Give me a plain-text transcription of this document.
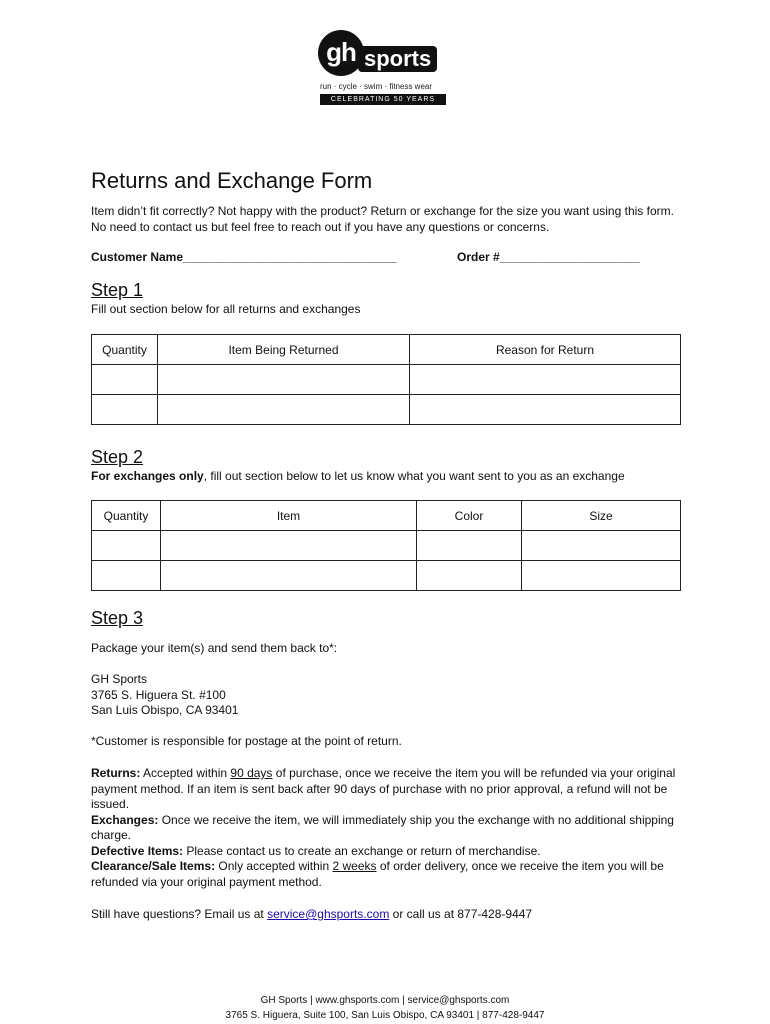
gh sports
run · cycle · swim · fitness wear
CELEBRATING 50 YEARS
Returns and Exchange Form
Item didn’t fit correctly? Not happy with the product? Return or exchange for the size you want using this form. No need to contact us but feel free to reach out if you have any questions or concerns.
Customer Name________________________________	Order #_____________________
Step 1
Fill out section below for all returns and exchanges
Quantity	Item Being Returned	Reason for Return

Step 2
For exchanges only, fill out section below to let us know what you want sent to you as an exchange
Quantity	Item	Color	Size

Step 3
Package your item(s) and send them back to*:
GH Sports
3765 S. Higuera St. #100
San Luis Obispo, CA 93401
*Customer is responsible for postage at the point of return.

Returns: Accepted within 90 days of purchase, once we receive the item you will be refunded via your original payment method. If an item is sent back after 90 days of purchase with no prior approval, a refund will not be issued.

Exchanges: Once we receive the item, we will immediately ship you the exchange with no additional shipping charge.

Defective Items: Please contact us to create an exchange or return of merchandise.

Clearance/Sale Items: Only accepted within 2 weeks of order delivery, once we receive the item you will be refunded via your original payment method.

Still have questions? Email us at service@ghsports.com or call us at 877-428-9447
GH Sports | www.ghsports.com | service@ghsports.com
3765 S. Higuera, Suite 100, San Luis Obispo, CA 93401 | 877-428-9447
